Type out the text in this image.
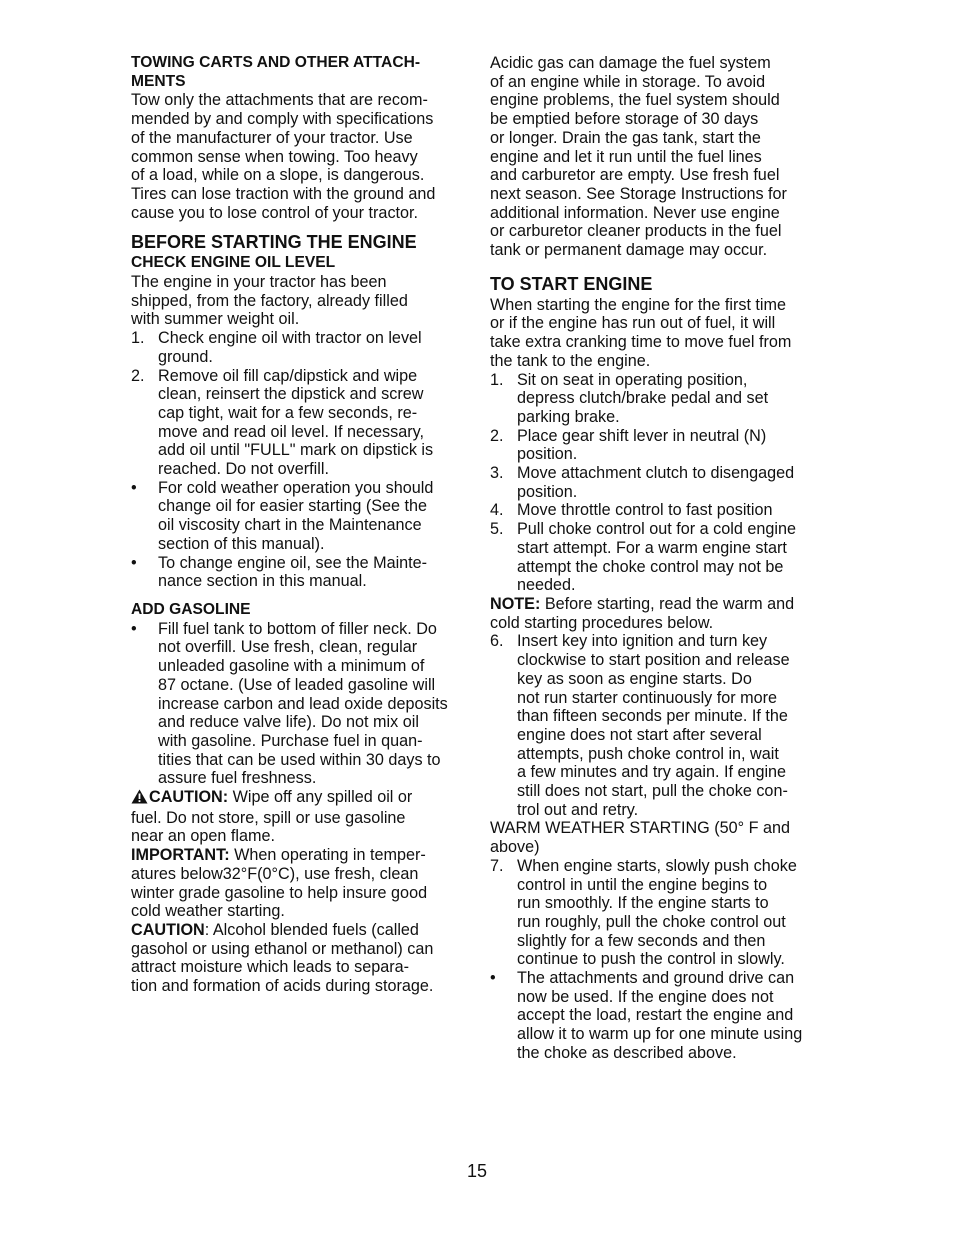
TOWING CARTS AND OTHER ATTACH-
MENTS

Tow only the attachments that are recom-
mended by and comply with specifications
of the manufacturer of your tractor. Use
common sense when towing. Too heavy
of a load, while on a slope, is dangerous.
Tires can lose traction with the ground and
cause you to lose control of your tractor.

BEFORE STARTING THE ENGINE
CHECK ENGINE OIL LEVEL

The engine in your tractor has been
shipped, from the factory, already filled
with summer weight oil.

1. Check engine oil with tractor on level
ground.
2. Remove oil fill cap/dipstick and wipe
clean, reinsert the dipstick and screw
cap tight, wait for a few seconds, re-
move and read oil level. If necessary,
add oil until "FULL" mark on dipstick is
reached. Do not overfill.
• For cold weather operation you should
change oil for easier starting (See the
oil viscosity chart in the Maintenance
section of this manual).
• To change engine oil, see the Mainte-
nance section in this manual.
ADD GASOLINE
• Fill fuel tank to bottom of filler neck. Do
not overfill. Use fresh, clean, regular
unleaded gasoline with a minimum of
87 octane. (Use of leaded gasoline will
increase carbon and lead oxide deposits
and reduce valve life). Do not mix oil
with gasoline. Purchase fuel in quan-
tities that can be used within 30 days to
assure fuel freshness.

CAUTION: Wipe off any spilled oil or
fuel. Do not store, spill or use gasoline
near an open flame.

IMPORTANT: When operating in temper-
atures below32°F(0°C), use fresh, clean
winter grade gasoline to help insure good
cold weather starting.

CAUTION: Alcohol blended fuels (called
gasohol or using ethanol or methanol) can
attract moisture which leads to separa-
tion and formation of acids during storage.

Acidic gas can damage the fuel system
of an engine while in storage. To avoid
engine problems, the fuel system should
be emptied before storage of 30 days
or longer. Drain the gas tank, start the
engine and let it run until the fuel lines
and carburetor are empty. Use fresh fuel
next season. See Storage Instructions for
additional information. Never use engine
or carburetor cleaner products in the fuel
tank or permanent damage may occur.

TO START ENGINE

When starting the engine for the first time
or if the engine has run out of fuel, it will
take extra cranking time to move fuel from
the tank to the engine.

1. Sit on seat in operating position,
depress clutch/brake pedal and set
parking brake.
2. Place gear shift lever in neutral (N)
position.
3. Move attachment clutch to disengaged
position.
4. Move throttle control to fast position
5. Pull choke control out for a cold engine
start attempt. For a warm engine start
attempt the choke control may not be
needed.

NOTE: Before starting, read the warm and
cold starting procedures below.

6. Insert key into ignition and turn key
clockwise to start position and release
key as soon as engine starts. Do
not run starter continuously for more
than fifteen seconds per minute. If the
engine does not start after several
attempts, push choke control in, wait
a few minutes and try again. If engine
still does not start, pull the choke con-
trol out and retry.

WARM WEATHER STARTING (50° F and
above)

7. When engine starts, slowly push choke
control in until the engine begins to
run smoothly. If the engine starts to
run roughly, pull the choke control out
slightly for a few seconds and then
continue to push the control in slowly.
• The attachments and ground drive can
now be used. If the engine does not
accept the load, restart the engine and
allow it to warm up for one minute using
the choke as described above.
15
